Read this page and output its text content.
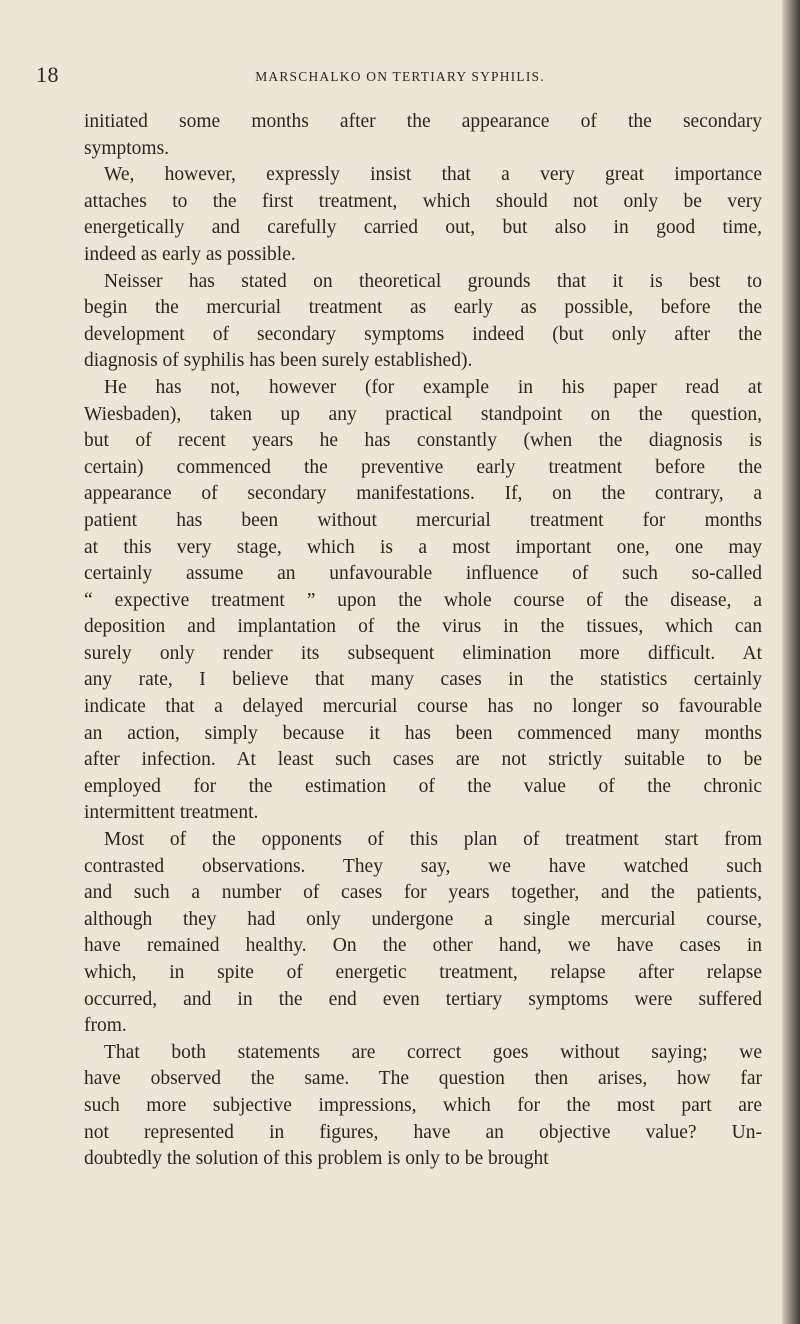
18	MARSCHALKO ON TERTIARY SYPHILIS.
initiated some months after the appearance of the secondary
symptoms.
We, however, expressly insist that a very great importance
attaches to the first treatment, which should not only be very
energetically and carefully carried out, but also in good time,
indeed as early as possible.
Neisser has stated on theoretical grounds that it is best to
begin the mercurial treatment as early as possible, before the
development of secondary symptoms indeed (but only after the
diagnosis of syphilis has been surely established).
He has not, however (for example in his paper read at
Wiesbaden), taken up any practical standpoint on the question,
but of recent years he has constantly (when the diagnosis is
certain) commenced the preventive early treatment before the
appearance of secondary manifestations. If, on the contrary, a
patient has been without mercurial treatment for months
at this very stage, which is a most important one, one may
certainly assume an unfavourable influence of such so-called
“ expective treatment ” upon the whole course of the disease, a
deposition and implantation of the virus in the tissues, which can
surely only render its subsequent elimination more difficult. At
any rate, I believe that many cases in the statistics certainly
indicate that a delayed mercurial course has no longer so favourable
an action, simply because it has been commenced many months
after infection. At least such cases are not strictly suitable to be
employed for the estimation of the value of the chronic
intermittent treatment.
Most of the opponents of this plan of treatment start from
contrasted observations. They say, we have watched such
and such a number of cases for years together, and the patients,
although they had only undergone a single mercurial course,
have remained healthy. On the other hand, we have cases in
which, in spite of energetic treatment, relapse after relapse
occurred, and in the end even tertiary symptoms were suffered
from.
That both statements are correct goes without saying; we
have observed the same. The question then arises, how far
such more subjective impressions, which for the most part are
not represented in figures, have an objective value? Un-
doubtedly the solution of this problem is only to be brought
